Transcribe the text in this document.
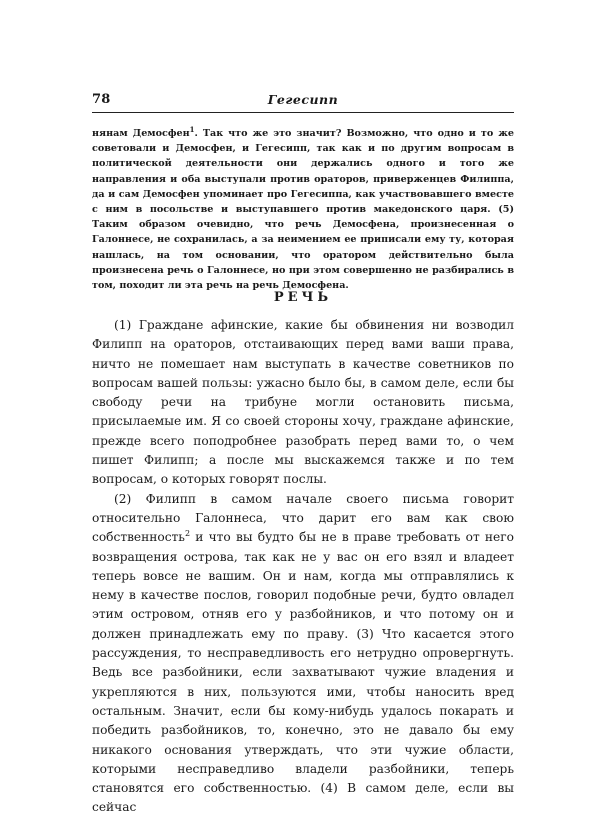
78	Гегесипп

нянам Демосфен$^1$. Так что же это значит? Возможно, что одно и то же советовали и Демосфен, и Гегесипп, так как и по другим вопросам в политической деятельности они держались одного и того же направления и оба выступали против ораторов, приверженцев Филиппа, да и сам Демосфен упоминает про Гегесиппа, как участвовавшего вместе с ним в посольстве и выступавшего против македонского царя. (5) Таким образом очевидно, что речь Демосфена, произнесенная о Галоннесе, не сохранилась, а за неимением ее приписали ему ту, которая нашлась, на том основании, что оратором действительно была произнесена речь о Галоннесе, но при этом совершенно не разбирались в том, походит ли эта речь на речь Демосфена.

РЕЧЬ

(1) Граждане афинские, какие бы обвинения ни возводил Филипп на ораторов, отстаивающих перед вами ваши права, ничто не помешает нам выступать в качестве советников по вопросам вашей пользы: ужасно было бы, в самом деле, если бы свободу речи на трибуне могли остановить письма, присылаемые им. Я со своей стороны хочу, граждане афинские, прежде всего поподробнее разобрать перед вами то, о чем пишет Филипп; а после мы выскажемся также и по тем вопросам, о которых говорят послы.

(2) Филипп в самом начале своего письма говорит относительно Галоннеса, что дарит его вам как свою собственность$^2$ и что вы будто бы не в праве требовать от него возвращения острова, так как не у вас он его взял и владеет теперь вовсе не вашим. Он и нам, когда мы отправлялись к нему в качестве послов, говорил подобные речи, будто овладел этим островом, отняв его у разбойников, и что потому он и должен принадлежать ему по праву. (3) Что касается этого рассуждения, то несправедливость его нетрудно опровергнуть. Ведь все разбойники, если захватывают чужие владения и укрепляются в них, пользуются ими, чтобы наносить вред остальным. Значит, если бы кому-нибудь удалось покарать и победить разбойников, то, конечно, это не давало бы ему никакого основания утверждать, что эти чужие области, которыми несправедливо владели разбойники, теперь становятся его собственностью. (4) В самом деле, если вы сейчас
